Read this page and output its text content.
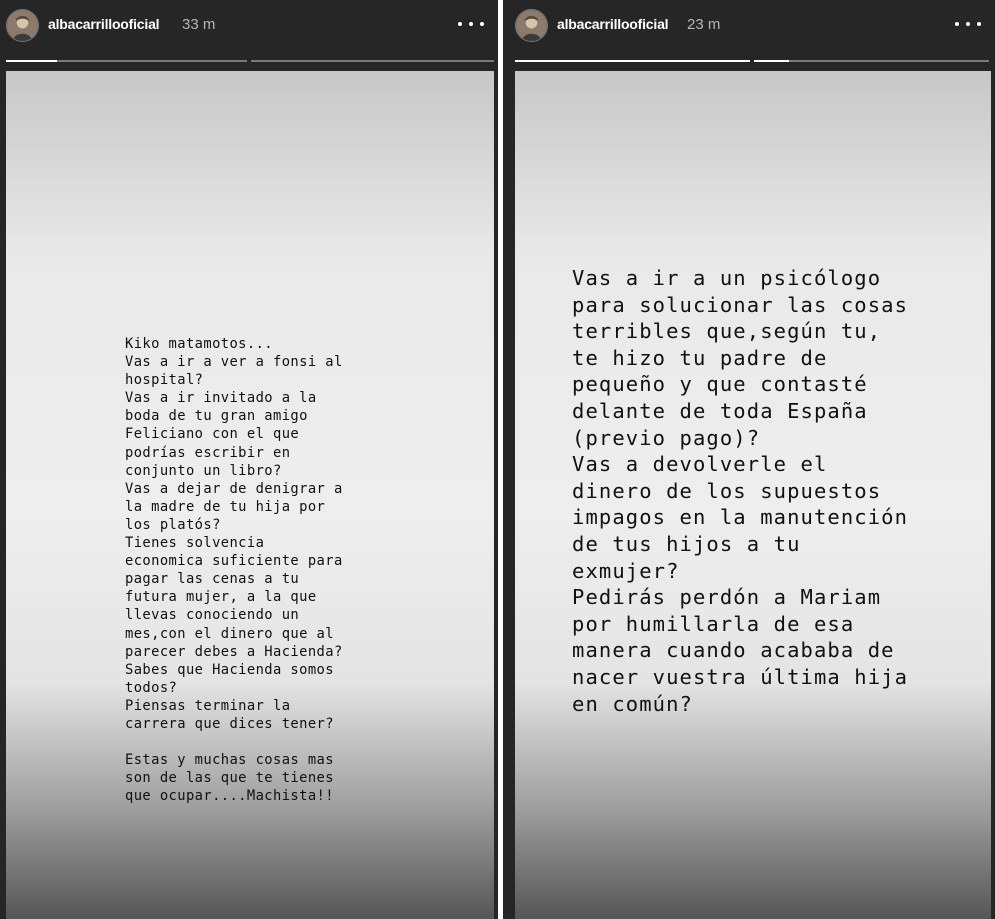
albacarrillooficial 33 m
Kiko matamotos...
Vas a ir a ver a fonsi al
hospital?
Vas a ir invitado a la
boda de tu gran amigo
Feliciano con el que
podrías escribir en
conjunto un libro?
Vas a dejar de denigrar a
la madre de tu hija por
los platós?
Tienes solvencia
economica suficiente para
pagar las cenas a tu
futura mujer, a la que
llevas conociendo un
mes,con el dinero que al
parecer debes a Hacienda?
Sabes que Hacienda somos
todos?
Piensas terminar la
carrera que dices tener?

Estas y muchas cosas mas
son de las que te tienes
que ocupar....Machista!!
albacarrillooficial 23 m
Vas a ir a un psicólogo
para solucionar las cosas
terribles que,según tu,
te hizo tu padre de
pequeño y que contasté
delante de toda España
(previo pago)?
Vas a devolverle el
dinero de los supuestos
impagos en la manutención
de tus hijos a tu
exmujer?
Pedirás perdón a Mariam
por humillarla de esa
manera cuando acababa de
nacer vuestra última hija
en común?
